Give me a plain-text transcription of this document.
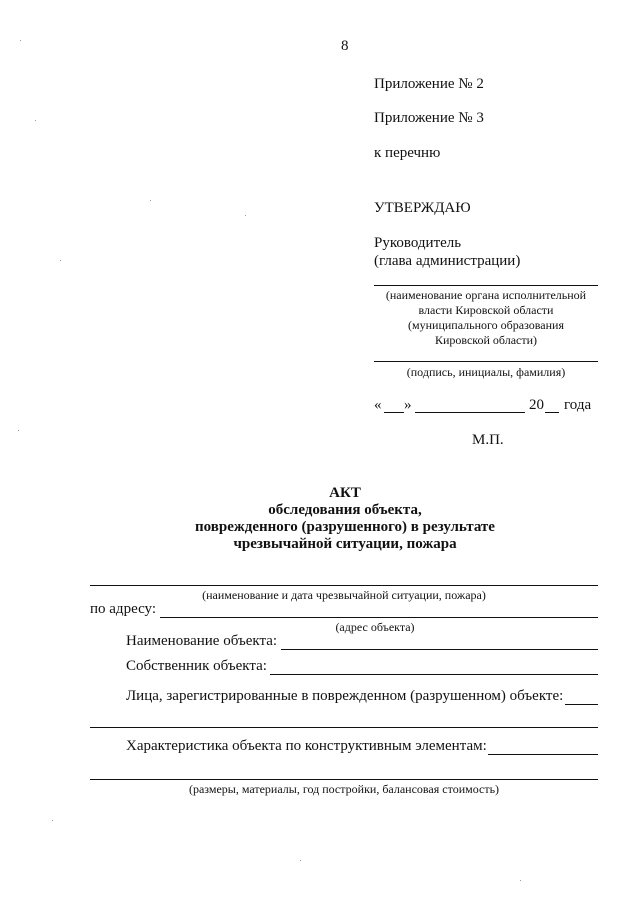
8
Приложение № 2
Приложение № 3
к перечню
УТВЕРЖДАЮ
Руководитель
(глава администрации)
(наименование органа исполнительной
власти Кировской области
(муниципального образования
Кировской области)
(подпись, инициалы, фамилия)
« »	20 года
М.П.
АКТ
обследования объекта,
поврежденного (разрушенного) в результате
чрезвычайной ситуации, пожара
(наименование и дата чрезвычайной ситуации, пожара)
по адресу:
(адрес объекта)
Наименование объекта:
Собственник объекта:
Лица, зарегистрированные в поврежденном (разрушенном) объекте:
Характеристика объекта по конструктивным элементам:
(размеры, материалы, год постройки, балансовая стоимость)
